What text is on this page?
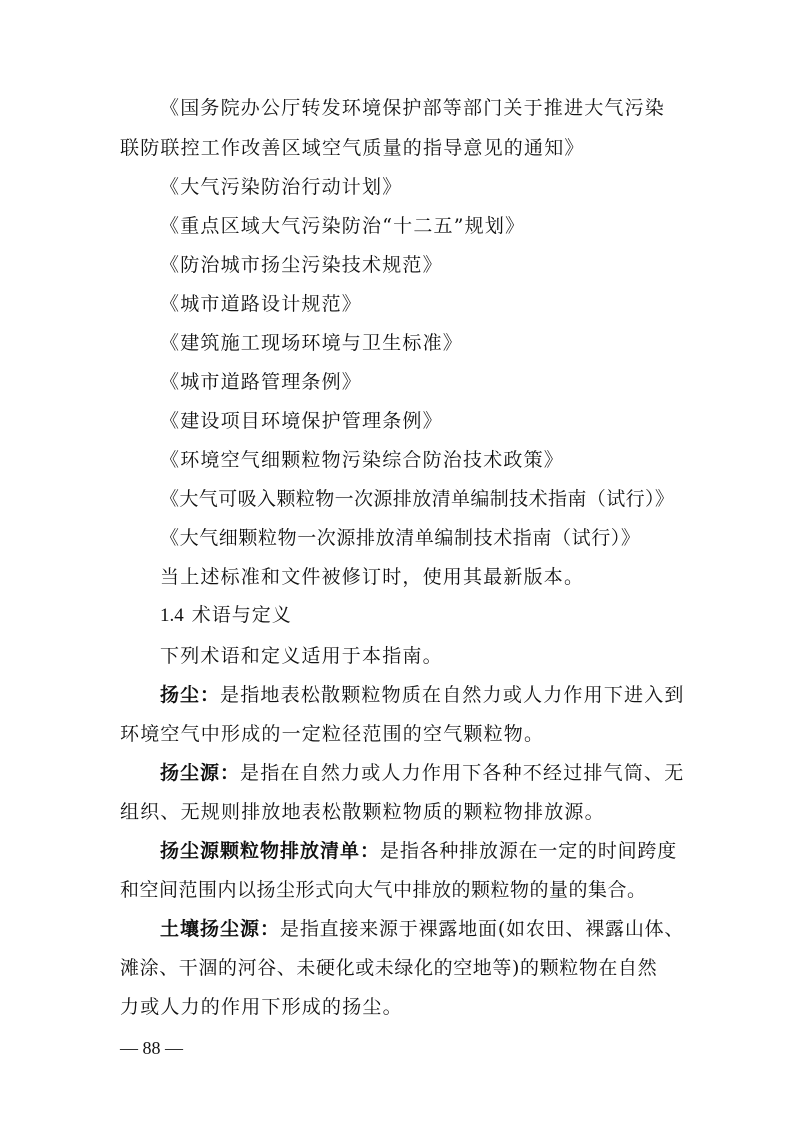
《国务院办公厅转发环境保护部等部门关于推进大气污染
联防联控工作改善区域空气质量的指导意见的通知》
《大气污染防治行动计划》
《重点区域大气污染防治“十二五”规划》
《防治城市扬尘污染技术规范》
《城市道路设计规范》
《建筑施工现场环境与卫生标准》
《城市道路管理条例》
《建设项目环境保护管理条例》
《环境空气细颗粒物污染综合防治技术政策》
《大气可吸入颗粒物一次源排放清单编制技术指南（试行）》
《大气细颗粒物一次源排放清单编制技术指南（试行）》
当上述标准和文件被修订时，使用其最新版本。
1.4 术语与定义
下列术语和定义适用于本指南。
扬尘：是指地表松散颗粒物质在自然力或人力作用下进入到
环境空气中形成的一定粒径范围的空气颗粒物。
扬尘源：是指在自然力或人力作用下各种不经过排气筒、无
组织、无规则排放地表松散颗粒物质的颗粒物排放源。
扬尘源颗粒物排放清单：是指各种排放源在一定的时间跨度
和空间范围内以扬尘形式向大气中排放的颗粒物的量的集合。
土壤扬尘源：是指直接来源于裸露地面(如农田、裸露山体、
滩涂、干涸的河谷、未硬化或未绿化的空地等)的颗粒物在自然
力或人力的作用下形成的扬尘。
— 88 —
